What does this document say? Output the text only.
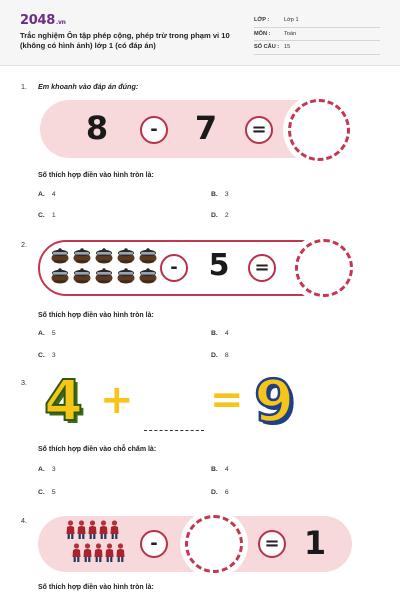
2048.vn
Trắc nghiệm Ôn tập phép cộng, phép trừ trong phạm vi 10 (không có hình ảnh) lớp 1 (có đáp án)
LỚP :	Lớp 1
MÔN : Toán
SỐ CÂU : 15
1. Em khoanh vào đáp án đúng:
8	-	7	=
Số thích hợp điền vào hình tròn là:
A. 4	B. 3
C. 1	D. 2
2.
-	5	=
Số thích hợp điền vào hình tròn là:
A. 5	B. 4
C. 3	D. 8
3. 4 + = 9
Số thích hợp điền vào chỗ chấm là:
A. 3	B. 4
C. 5	D. 6
4.
-	= 1
Số thích hợp điền vào hình tròn là:
